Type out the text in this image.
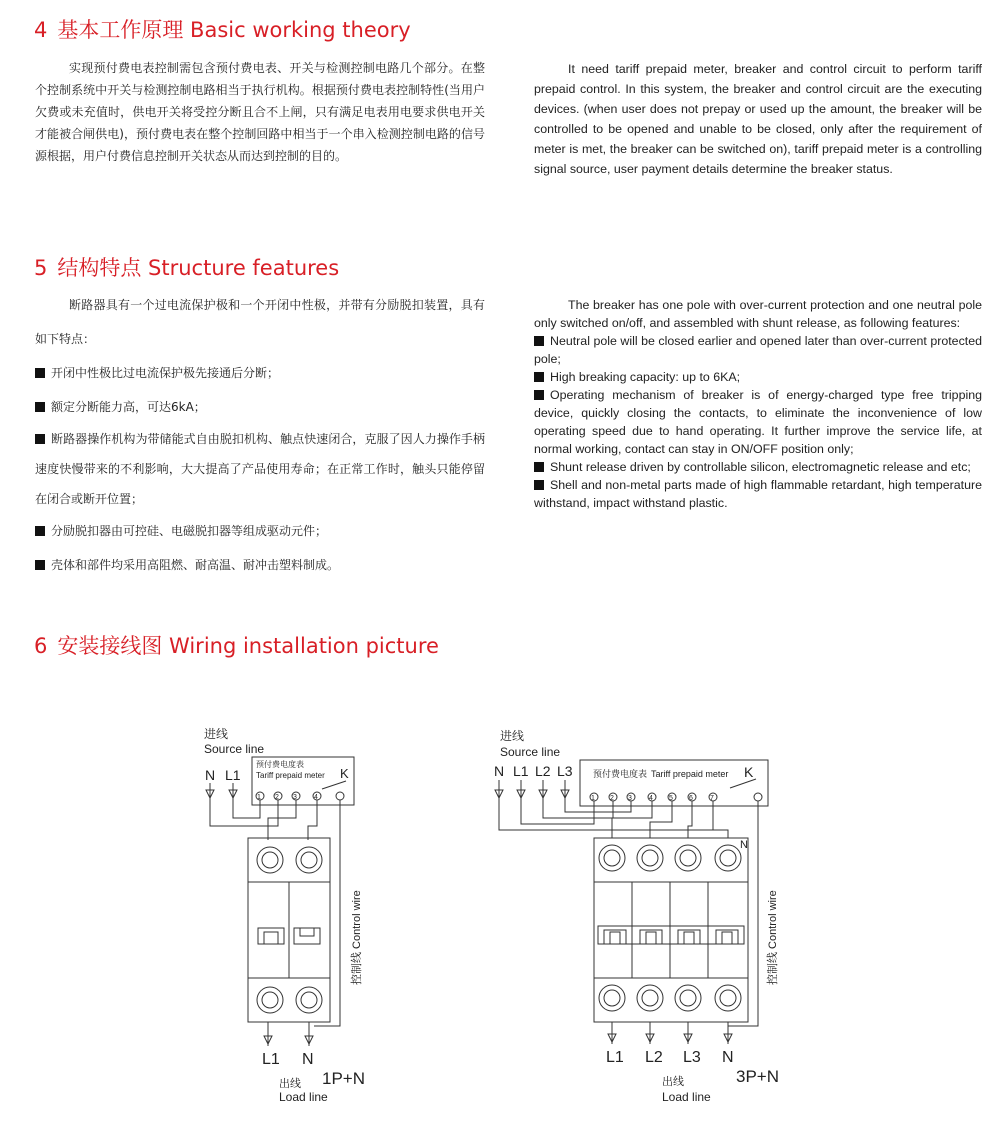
4 基本工作原理 Basic working theory

实现预付费电表控制需包含预付费电表、开关与检测控制电路几个部分。在整个控制系统中开关与检测控制电路相当于执行机构。根据预付费电表控制特性(当用户欠费或未充值时，供电开关将受控分断且合不上闸，只有满足电表用电要求供电开关才能被合闸供电)，预付费电表在整个控制回路中相当于一个串入检测控制电路的信号源根据，用户付费信息控制开关状态从而达到控制的目的。

It need tariff prepaid meter, breaker and control circuit to perform tariff prepaid control. In this system, the breaker and control circuit are the executing devices. (when user does not prepay or used up the amount, the breaker will be controlled to be opened and unable to be closed, only after the requirement of meter is met, the breaker can be switched on), tariff prepaid meter is a controlling signal source, user payment details determine the breaker status.

5 结构特点 Structure features

断路器具有一个过电流保护极和一个开闭中性极，并带有分励脱扣装置，具有如下特点：

开闭中性极比过电流保护极先接通后分断；

额定分断能力高，可达6kA；

断路器操作机构为带储能式自由脱扣机构、触点快速闭合，克服了因人力操作手柄速度快慢带来的不利影响，大大提高了产品使用寿命；在正常工作时，触头只能停留在闭合或断开位置；

分励脱扣器由可控硅、电磁脱扣器等组成驱动元件；

壳体和部件均采用高阻燃、耐高温、耐冲击塑料制成。

The breaker has one pole with over-current protection and one neutral pole only switched on/off, and assembled with shunt release, as following features:

Neutral pole will be closed earlier and opened later than over-current protected pole;

High breaking capacity: up to 6KA;

Operating mechanism of breaker is of energy-charged type free tripping device, quickly closing the contacts, to eliminate the inconvenience of low operating speed due to hand operating. It further improve the service life, at normal working, contact can stay in ON/OFF position only;

Shunt release driven by controllable silicon, electromagnetic release and etc;

Shell and non-metal parts made of high flammable retardant, high temperature withstand, impact withstand plastic.

6 安装接线图 Wiring installation picture
进线
Source line
N L1
预付费电度表
Tariff prepaid meter K
1 2 3 4
L1 N
控制线 Control wire
出线
Load line
1P+N
进线
Source line
N L1 L2 L3 预付费电度表 Tariff prepaid meter K
1 2 3 4 5 6 7
N
L1 L2 L3 N
控制线 Control wire
出线
Load line
3P+N
